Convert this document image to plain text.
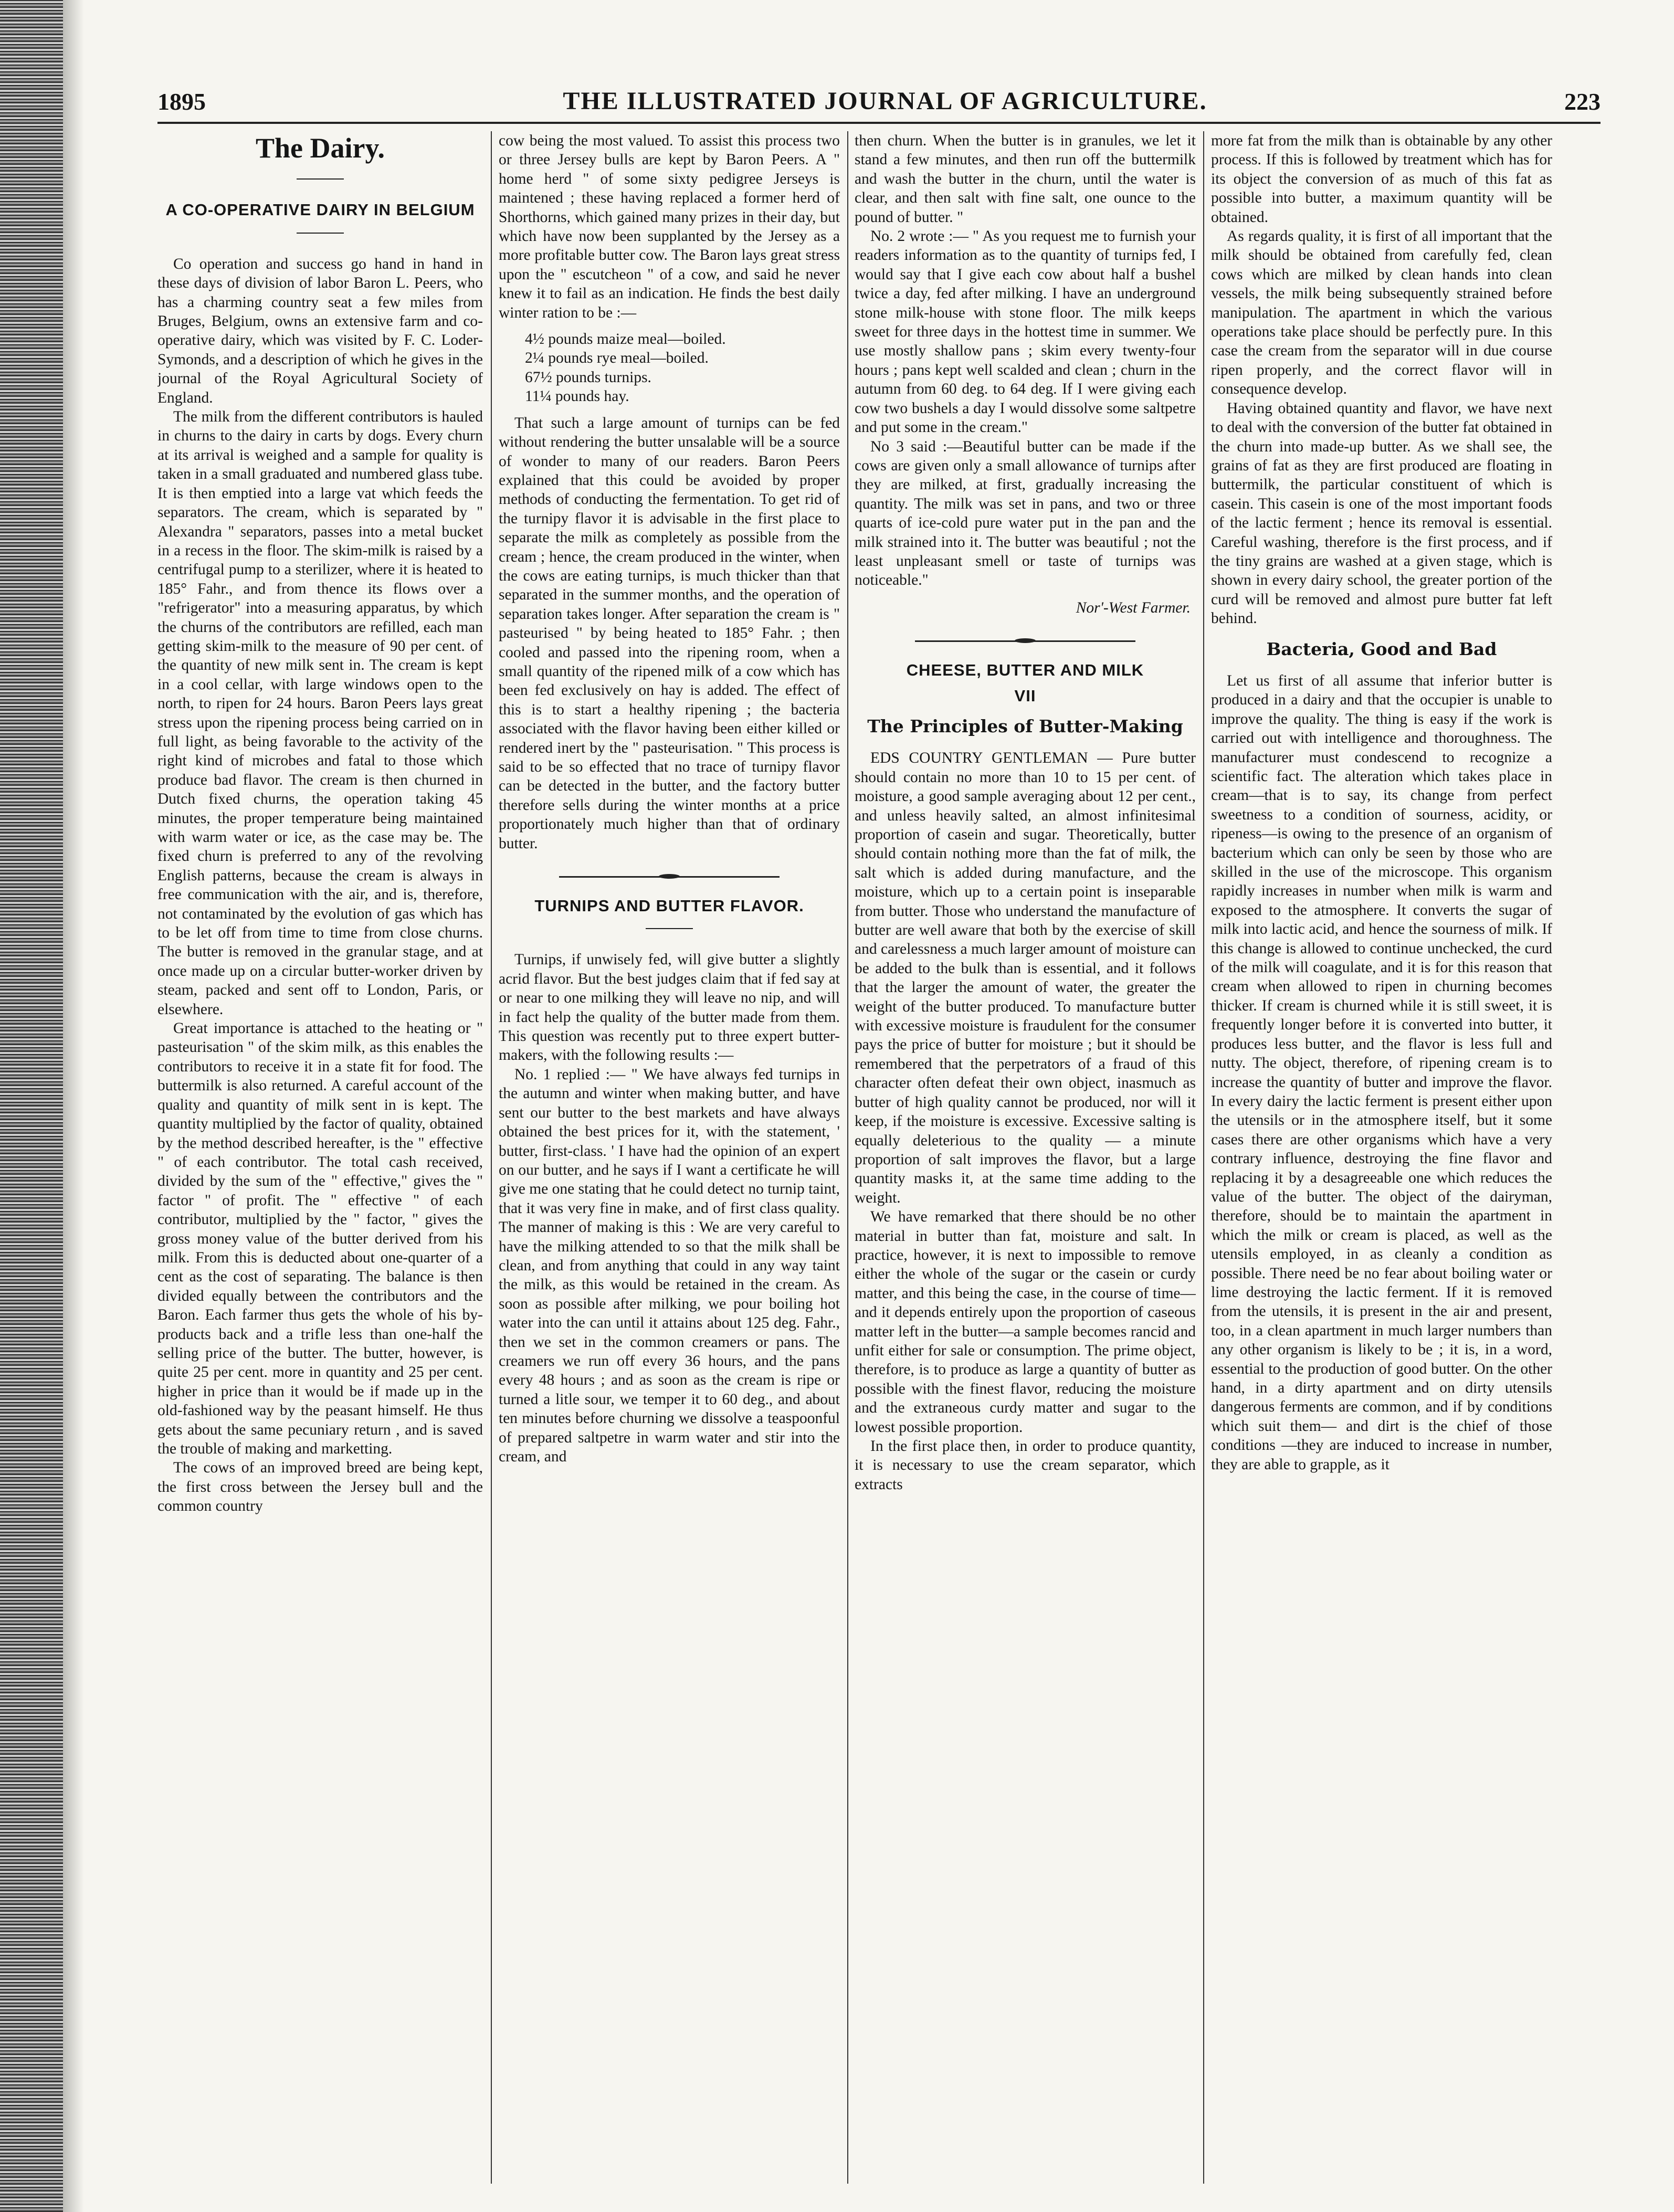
1895	THE ILLUSTRATED JOURNAL OF AGRICULTURE.	223
The Dairy.
A CO-OPERATIVE DAIRY IN BELGIUM

Co operation and success go hand in hand in these days of division of labor Baron L. Peers, who has a charming country seat a few miles from Bruges, Belgium, owns an extensive farm and co-operative dairy, which was visited by F. C. Loder-Symonds, and a description of which he gives in the journal of the Royal Agricultural Society of England.

The milk from the different contributors is hauled in churns to the dairy in carts by dogs. Every churn at its arrival is weighed and a sample for quality is taken in a small graduated and numbered glass tube. It is then emptied into a large vat which feeds the separators. The cream, which is separated by " Alexandra " separators, passes into a metal bucket in a recess in the floor. The skim-milk is raised by a centrifugal pump to a sterilizer, where it is heated to 185° Fahr., and from thence its flows over a "refrigerator" into a measuring apparatus, by which the churns of the contributors are refilled, each man getting skim-milk to the measure of 90 per cent. of the quantity of new milk sent in. The cream is kept in a cool cellar, with large windows open to the north, to ripen for 24 hours. Baron Peers lays great stress upon the ripening process being carried on in full light, as being favorable to the activity of the right kind of microbes and fatal to those which produce bad flavor. The cream is then churned in Dutch fixed churns, the operation taking 45 minutes, the proper temperature being maintained with warm water or ice, as the case may be. The fixed churn is preferred to any of the revolving English patterns, because the cream is always in free communication with the air, and is, therefore, not contaminated by the evolution of gas which has to be let off from time to time from close churns. The butter is removed in the granular stage, and at once made up on a circular butter-worker driven by steam, packed and sent off to London, Paris, or elsewhere.

Great importance is attached to the heating or " pasteurisation " of the skim milk, as this enables the contributors to receive it in a state fit for food. The buttermilk is also returned. A careful account of the quality and quantity of milk sent in is kept. The quantity multiplied by the factor of quality, obtained by the method described hereafter, is the " effective " of each contributor. The total cash received, divided by the sum of the " effective," gives the " factor " of profit. The " effective " of each contributor, multiplied by the " factor, " gives the gross money value of the butter derived from his milk. From this is deducted about one-quarter of a cent as the cost of separating. The balance is then divided equally between the contributors and the Baron. Each farmer thus gets the whole of his by-products back and a trifle less than one-half the selling price of the butter. The butter, however, is quite 25 per cent. more in quantity and 25 per cent. higher in price than it would be if made up in the old-fashioned way by the peasant himself. He thus gets about the same pecuniary return , and is saved the trouble of making and marketting.

The cows of an improved breed are being kept, the first cross between the Jersey bull and the common country

cow being the most valued. To assist this process two or three Jersey bulls are kept by Baron Peers. A " home herd " of some sixty pedigree Jerseys is maintened ; these having replaced a former herd of Shorthorns, which gained many prizes in their day, but which have now been supplanted by the Jersey as a more profitable butter cow. The Baron lays great stress upon the " escutcheon " of a cow, and said he never knew it to fail as an indication. He finds the best daily winter ration to be :—

4½ pounds maize meal—boiled.
2¼ pounds rye meal—boiled.
67½ pounds turnips.
11¼ pounds hay.

That such a large amount of turnips can be fed without rendering the butter unsalable will be a source of wonder to many of our readers. Baron Peers explained that this could be avoided by proper methods of conducting the fermentation. To get rid of the turnipy flavor it is advisable in the first place to separate the milk as completely as possible from the cream ; hence, the cream produced in the winter, when the cows are eating turnips, is much thicker than that separated in the summer months, and the operation of separation takes longer. After separation the cream is " pasteurised " by being heated to 185° Fahr. ; then cooled and passed into the ripening room, when a small quantity of the ripened milk of a cow which has been fed exclusively on hay is added. The effect of this is to start a healthy ripening ; the bacteria associated with the flavor having been either killed or rendered inert by the " pasteurisation. " This process is said to be so effected that no trace of turnipy flavor can be detected in the butter, and the factory butter therefore sells during the winter months at a price proportionately much higher than that of ordinary butter.

TURNIPS AND BUTTER FLAVOR.

Turnips, if unwisely fed, will give butter a slightly acrid flavor. But the best judges claim that if fed say at or near to one milking they will leave no nip, and will in fact help the quality of the butter made from them. This question was recently put to three expert butter-makers, with the following results :—

No. 1 replied :— " We have always fed turnips in the autumn and winter when making butter, and have sent our butter to the best markets and have always obtained the best prices for it, with the statement, ' butter, first-class. ' I have had the opinion of an expert on our butter, and he says if I want a certificate he will give me one stating that he could detect no turnip taint, that it was very fine in make, and of first class quality. The manner of making is this : We are very careful to have the milking attended to so that the milk shall be clean, and from anything that could in any way taint the milk, as this would be retained in the cream. As soon as possible after milking, we pour boiling hot water into the can until it attains about 125 deg. Fahr., then we set in the common creamers or pans. The creamers we run off every 36 hours, and the pans every 48 hours ; and as soon as the cream is ripe or turned a litle sour, we temper it to 60 deg., and about ten minutes before churning we dissolve a teaspoonful of prepared saltpetre in warm water and stir into the cream, and

then churn. When the butter is in granules, we let it stand a few minutes, and then run off the buttermilk and wash the butter in the churn, until the water is clear, and then salt with fine salt, one ounce to the pound of butter. "

No. 2 wrote :— " As you request me to furnish your readers information as to the quantity of turnips fed, I would say that I give each cow about half a bushel twice a day, fed after milking. I have an underground stone milk-house with stone floor. The milk keeps sweet for three days in the hottest time in summer. We use mostly shallow pans ; skim every twenty-four hours ; pans kept well scalded and clean ; churn in the autumn from 60 deg. to 64 deg. If I were giving each cow two bushels a day I would dissolve some saltpetre and put some in the cream."

No 3 said :—Beautiful butter can be made if the cows are given only a small allowance of turnips after they are milked, at first, gradually increasing the quantity. The milk was set in pans, and two or three quarts of ice-cold pure water put in the pan and the milk strained into it. The butter was beautiful ; not the least unpleasant smell or taste of turnips was noticeable."

Nor'-West Farmer.
CHEESE, BUTTER AND MILK
VII
The Principles of Butter-Making

EDS COUNTRY GENTLEMAN — Pure butter should contain no more than 10 to 15 per cent. of moisture, a good sample averaging about 12 per cent., and unless heavily salted, an almost infinitesimal proportion of casein and sugar. Theoretically, butter should contain nothing more than the fat of milk, the salt which is added during manufacture, and the moisture, which up to a certain point is inseparable from butter. Those who understand the manufacture of butter are well aware that both by the exercise of skill and carelessness a much larger amount of moisture can be added to the bulk than is essential, and it follows that the larger the amount of water, the greater the weight of the butter produced. To manufacture butter with excessive moisture is fraudulent for the consumer pays the price of butter for moisture ; but it should be remembered that the perpetrators of a fraud of this character often defeat their own object, inasmuch as butter of high quality cannot be produced, nor will it keep, if the moisture is excessive. Excessive salting is equally deleterious to the quality — a minute proportion of salt improves the flavor, but a large quantity masks it, at the same time adding to the weight.

We have remarked that there should be no other material in butter than fat, moisture and salt. In practice, however, it is next to impossible to remove either the whole of the sugar or the casein or curdy matter, and this being the case, in the course of time— and it depends entirely upon the proportion of caseous matter left in the butter—a sample becomes rancid and unfit either for sale or consumption. The prime object, therefore, is to produce as large a quantity of butter as possible with the finest flavor, reducing the moisture and the extraneous curdy matter and sugar to the lowest possible proportion.

In the first place then, in order to produce quantity, it is necessary to use the cream separator, which extracts

more fat from the milk than is obtainable by any other process. If this is followed by treatment which has for its object the conversion of as much of this fat as possible into butter, a maximum quantity will be obtained.

As regards quality, it is first of all important that the milk should be obtained from carefully fed, clean cows which are milked by clean hands into clean vessels, the milk being subsequently strained before manipulation. The apartment in which the various operations take place should be perfectly pure. In this case the cream from the separator will in due course ripen properly, and the correct flavor will in consequence develop.

Having obtained quantity and flavor, we have next to deal with the conversion of the butter fat obtained in the churn into made-up butter. As we shall see, the grains of fat as they are first produced are floating in buttermilk, the particular constituent of which is casein. This casein is one of the most important foods of the lactic ferment ; hence its removal is essential. Careful washing, therefore is the first process, and if the tiny grains are washed at a given stage, which is shown in every dairy school, the greater portion of the curd will be removed and almost pure butter fat left behind.

Bacteria, Good and Bad

Let us first of all assume that inferior butter is produced in a dairy and that the occupier is unable to improve the quality. The thing is easy if the work is carried out with intelligence and thoroughness. The manufacturer must condescend to recognize a scientific fact. The alteration which takes place in cream—that is to say, its change from perfect sweetness to a condition of sourness, acidity, or ripeness—is owing to the presence of an organism of bacterium which can only be seen by those who are skilled in the use of the microscope. This organism rapidly increases in number when milk is warm and exposed to the atmosphere. It converts the sugar of milk into lactic acid, and hence the sourness of milk. If this change is allowed to continue unchecked, the curd of the milk will coagulate, and it is for this reason that cream when allowed to ripen in churning becomes thicker. If cream is churned while it is still sweet, it is frequently longer before it is converted into butter, it produces less butter, and the flavor is less full and nutty. The object, therefore, of ripening cream is to increase the quantity of butter and improve the flavor. In every dairy the lactic ferment is present either upon the utensils or in the atmosphere itself, but it some cases there are other organisms which have a very contrary influence, destroying the fine flavor and replacing it by a desagreeable one which reduces the value of the butter. The object of the dairyman, therefore, should be to maintain the apartment in which the milk or cream is placed, as well as the utensils employed, in as cleanly a condition as possible. There need be no fear about boiling water or lime destroying the lactic ferment. If it is removed from the utensils, it is present in the air and present, too, in a clean apartment in much larger numbers than any other organism is likely to be ; it is, in a word, essential to the production of good butter. On the other hand, in a dirty apartment and on dirty utensils dangerous ferments are common, and if by conditions which suit them— and dirt is the chief of those conditions —they are induced to increase in number, they are able to grapple, as it
